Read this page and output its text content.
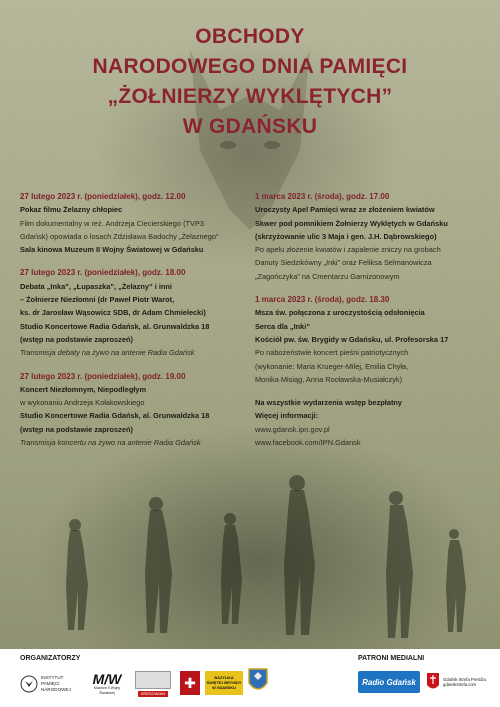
OBCHODY
NARODOWEGO DNIA PAMIĘCI
„ŻOŁNIERZY WYKLĘTYCH”
W GDAŃSKU
27 lutego 2023 r. (poniedziałek), godz. 12.00
Pokaz filmu Żelazny chłopiec
Film dokumentalny w reż. Andrzeja Ciecierskiego (TVP3
Gdańsk) opowiada o losach Zdzisława Badochy „Żelaznego”
Sala kinowa Muzeum II Wojny Światowej w Gdańsku
27 lutego 2023 r. (poniedziałek), godz. 18.00
Debata „Inka”, „Łupaszka”, „Żelazny” i inni
– Żołnierze Niezłomni (dr Paweł Piotr Warot,
ks. dr Jarosław Wąsowicz SDB, dr Adam Chmielecki)
Studio Koncertowe Radia Gdańsk, al. Grunwaldzka 18
(wstęp na podstawie zaproszeń)
Transmisja debaty na żywo na antenie Radia Gdańsk
27 lutego 2023 r. (poniedziałek), godz. 19.00
Koncert Niezłomnym, Niepodległym
w wykonaniu Andrzeja Kołakowskiego
Studio Koncertowe Radia Gdańsk, al. Grunwaldzka 18
(wstęp na podstawie zaproszeń)
Transmisja koncertu na żywo na antenie Radia Gdańsk
1 marca 2023 r. (środa), godz. 17.00
Uroczysty Apel Pamięci wraz ze złożeniem kwiatów
Skwer pod pomnikiem Żołnierzy Wyklętych w Gdańsku
(skrzyżowanie ulic 3 Maja i gen. J.H. Dąbrowskiego)
Po apelu złożenie kwiatów i zapalenie zniczy na grobach
Danuty Siedzikówny „Inki” oraz Feliksa Selmanowicza
„Zagończyka” na Cmentarzu Garnizonowym
1 marca 2023 r. (środa), godz. 18.30
Msza św. połączona z uroczystością odsłonięcia
Serca dla „Inki”
Kościół pw. św. Brygidy w Gdańsku, ul. Profesorska 17
Po nabożeństwie koncert pieśni patriotycznych
(wykonanie: Maria Krueger-Milej, Emilia Chyła,
Monika Misiąg, Anna Rocławska-Musiałczyk)
Na wszystkie wydarzenia wstęp bezpłatny
Więcej informacji:
www.gdansk.ipn.gov.pl
www.facebook.com/IPN.Gdansk
ORGANIZATORZY	PATRONI MEDIALNI
INSTYTUT PAMIĘCI NARODOWEJ
M/W
Muzeum II Wojny Światowej	KRESOWIAN
✚	BAZYLIKA ŚWIĘTEJ BRYGIDY W GDAŃSKU
Radio Gdańsk	Gdańsk Strefa Prestiżu gdanskstrefa.com
